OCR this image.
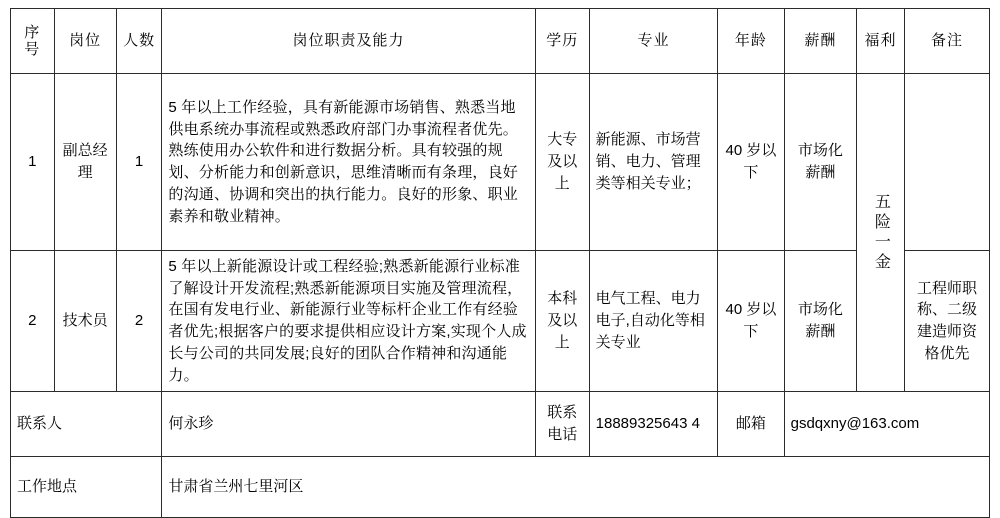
序号	岗位	人数	岗位职责及能力	学历	专业	年龄	薪酬	福利	备注
1	副总经理	1	5 年以上工作经验，具有新能源市场销售、熟悉当地供电系统办事流程或熟悉政府部门办事流程者优先。熟练使用办公软件和进行数据分析。具有较强的规划、分析能力和创新意识，思维清晰而有条理，良好的沟通、协调和突出的执行能力。良好的形象、职业素养和敬业精神。	大专及以上	新能源、市场营销、电力、管理类等相关专业；	40 岁以下	市场化薪酬	五险一金	

2	技术员	2	5 年以上新能源设计或工程经验;熟悉新能源行业标准了解设计开发流程;熟悉新能源项目实施及管理流程，在国有发电行业、新能源行业等标杆企业工作有经验者优先;根据客户的要求提供相应设计方案,实现个人成长与公司的共同发展;良好的团队合作精神和沟通能力。	本科及以上	电气工程、电力电子,自动化等相关专业	40 岁以下	市场化薪酬		工程师职称、二级建造师资格优先
联系人			何永珍	联系电话	18889325643 4	邮箱	gsdqxny@163.com		
工作地点			甘肃省兰州七里河区						
